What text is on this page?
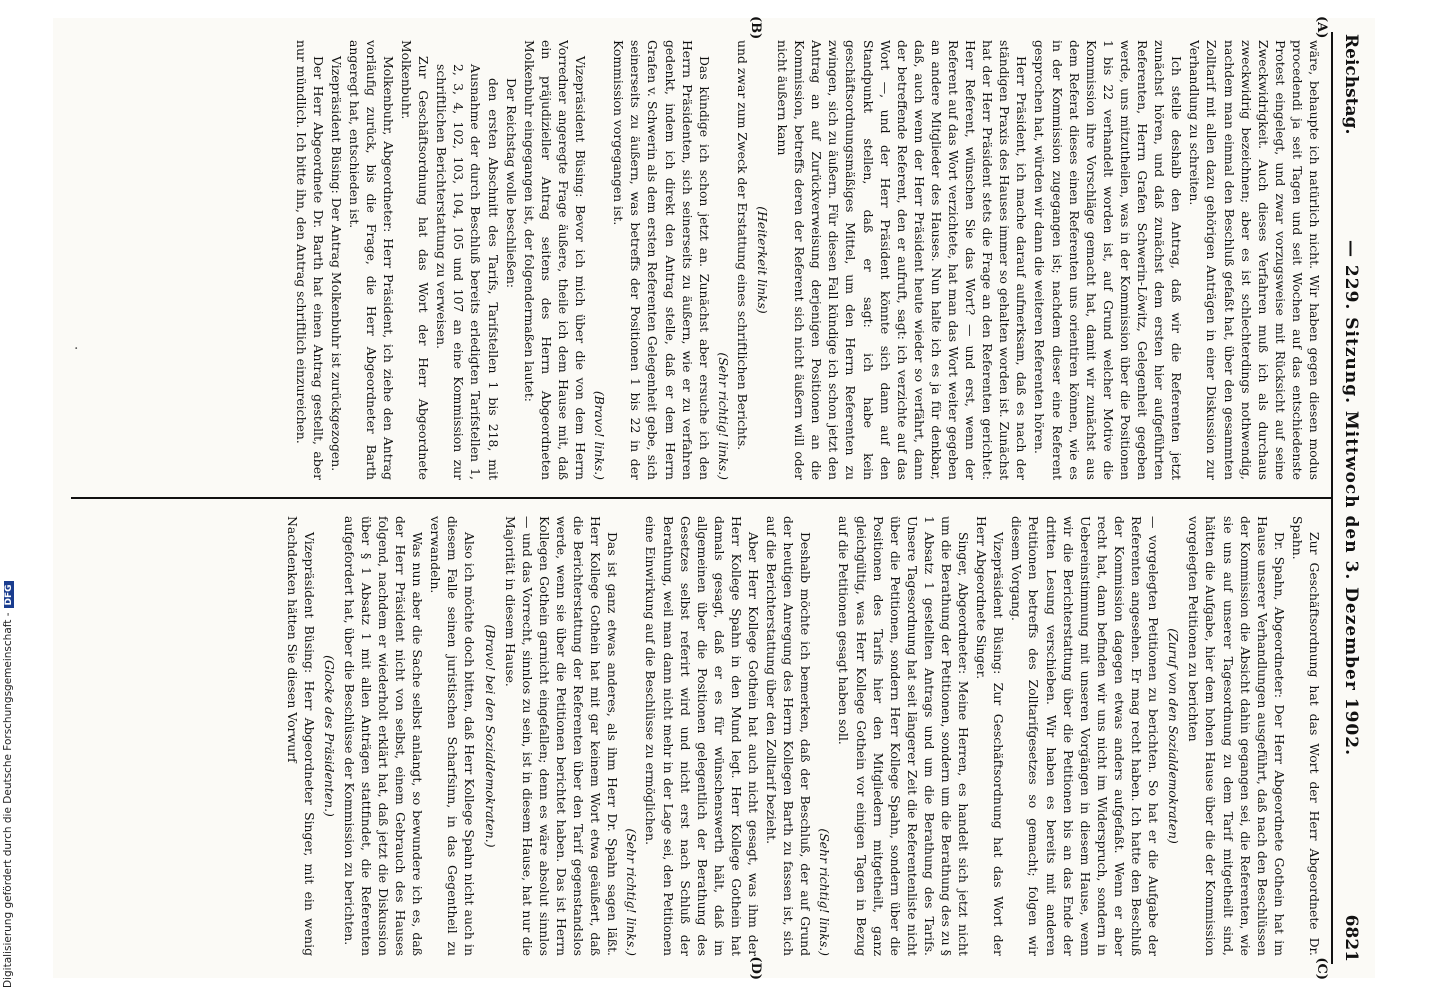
Reichstag.
— 229. Sitzung. Mittwoch den 3. Dezember 1902.
6821
(A)
(B)
(C)
(D)

wäre, behaupte ich natürlich nicht. Wir haben gegen diesen modus procedendi ja seit Tagen und seit Wochen auf das entschiedenste Protest eingelegt, und zwar vorzugsweise mit Rücksicht auf seine Zweckwidrigkeit. Auch dieses Verfahren muß ich als durchaus zweckwidrig bezeichnen; aber es ist schlechterdings nothwendig, nachdem man einmal den Beschluß gefaßt hat, über den gesammten Zolltarif mit allen dazu gehörigen Anträgen in einer Diskussion zur Verhandlung zu schreiten.

Ich stelle deshalb den Antrag, daß wir die Referenten jetzt zunächst hören, und daß zunächst dem ersten hier aufgeführten Referenten, Herrn Grafen Schwerin-Löwitz, Gelegenheit gegeben werde, uns mitzutheilen, was in der Kommission über die Positionen 1 bis 22 verhandelt worden ist, auf Grund welcher Motive die Kommission ihre Vorschläge gemacht hat, damit wir zunächst aus dem Referat dieses einen Referenten uns orientiren können, wie es in der Kommission zugegangen ist; nachdem dieser eine Referent gesprochen hat, würden wir dann die weiteren Referenten hören.

Herr Präsident, ich mache darauf aufmerksam, daß es nach der ständigen Praxis des Hauses immer so gehalten worden ist. Zunächst hat der Herr Präsident stets die Frage an den Referenten gerichtet: Herr Referent, wünschen Sie das Wort? — und erst, wenn der Referent auf das Wort verzichtete, hat man das Wort weiter gegeben an andere Mitglieder des Hauses. Nun halte ich es ja für denkbar, daß, auch wenn der Herr Präsident heute wieder so verfährt, dann der betreffende Referent, den er aufruft, sagt: ich verzichte auf das Wort —, und der Herr Präsident könnte sich dann auf den Standpunkt stellen, daß er sagt: ich habe kein geschäftsordnungsmäßiges Mittel, um den Herrn Referenten zu zwingen, sich zu äußern. Für diesen Fall kündige ich schon jetzt den Antrag an auf Zurückverweisung derjenigen Positionen an die Kommission, betreffs deren der Referent sich nicht äußern will oder nicht äußern kann

(Heiterkeit links)

und zwar zum Zweck der Erstattung eines schriftlichen Berichts.

(Sehr richtig! links.)

Das kündige ich schon jetzt an. Zunächst aber ersuche ich den Herrn Präsidenten, sich seinerseits zu äußern, wie er zu verfahren gedenkt, indem ich direkt den Antrag stelle, daß er dem Herrn Grafen v. Schwerin als dem ersten Referenten Gelegenheit gebe, sich seinerseits zu äußern, was betreffs der Positionen 1 bis 22 in der Kommission vorgegangen ist.

(Bravo! links.)

Vizepräsident Büsing: Bevor ich mich über die von dem Herrn Vorredner angeregte Frage äußere, theile ich dem Hause mit, daß ein präjudizieller Antrag seitens des Herrn Abgeordneten Molkenbuhr eingegangen ist, der folgendermaßen lautet:

Der Reichstag wolle beschließen:

den ersten Abschnitt des Tarifs, Tarifstellen 1 bis 218, mit Ausnahme der durch Beschluß bereits erledigten Tarifstellen 1, 2, 3, 4, 102, 103, 104, 105 und 107 an eine Kommission zur schriftlichen Berichterstattung zu verweisen.

Zur Geschäftsordnung hat das Wort der Herr Abgeordnete Molkenbuhr.

Molkenbuhr, Abgeordneter: Herr Präsident, ich ziehe den Antrag vorläufig zurück, bis die Frage, die Herr Abgeordneter Barth angeregt hat, entschieden ist.

Vizepräsident Büsing: Der Antrag Molkenbuhr ist zurückgezogen.

Der Herr Abgeordnete Dr. Barth hat einen Antrag gestellt, aber nur mündlich. Ich bitte ihn, den Antrag schriftlich einzureichen.

Zur Geschäftsordnung hat das Wort der Herr Abgeordnete Dr. Spahn.

Dr. Spahn, Abgeordneter: Der Herr Abgeordnete Gothein hat im Hause unserer Verhandlungen ausgeführt, daß nach den Beschlüssen der Kommission die Absicht dahin gegangen sei, die Referenten, wie sie uns auf unserer Tagesordnung zu dem Tarif mitgetheilt sind, hätten die Aufgabe, hier dem hohen Hause über die der Kommission vorgelegten Petitionen zu berichten

(Zuruf von den Sozialdemokraten)

— vorgelegten Petitionen zu berichten. So hat er die Aufgabe der Referenten angesehen. Er mag recht haben. Ich hatte den Beschluß der Kommission dagegen etwas anders aufgefaßt. Wenn er aber recht hat, dann befinden wir uns nicht im Widerspruch, sondern in Uebereinstimmung mit unseren Vorgängen in diesem Hause, wenn wir die Berichterstattung über die Petitionen bis an das Ende der dritten Lesung verschieben. Wir haben es bereits mit anderen Petitionen betreffs des Zolltarifgesetzes so gemacht; folgen wir diesem Vorgang.

Vizepräsident Büsing: Zur Geschäftsordnung hat das Wort der Herr Abgeordnete Singer.

Singer, Abgeordneter: Meine Herren, es handelt sich jetzt nicht um die Berathung der Petitionen, sondern um die Berathung des zu § 1 Absatz 1 gestellten Antrags und um die Berathung des Tarifs. Unsere Tagesordnung hat seit längerer Zeit die Referentenliste nicht über die Petitionen, sondern Herr Kollege Spahn, sondern über die Positionen des Tarifs hier den Mitgliedern mitgetheilt, ganz gleichgültig, was Herr Kollege Gothein vor einigen Tagen in Bezug auf die Petitionen gesagt haben soll.

(Sehr richtig! links.)

Deshalb möchte ich bemerken, daß der Beschluß, der auf Grund der heutigen Anregung des Herrn Kollegen Barth zu fassen ist, sich auf die Berichterstattung über den Zolltarif bezieht.

Aber Herr Kollege Gothein hat auch nicht gesagt, was ihm der Herr Kollege Spahn in den Mund legt. Herr Kollege Gothein hat damals gesagt, daß er es für wünschenswerth hält, daß im allgemeinen über die Positionen gelegentlich der Berathung des Gesetzes selbst referirt wird und nicht erst nach Schluß der Berathung, weil man dann nicht mehr in der Lage sei, den Petitionen eine Einwirkung auf die Beschlüsse zu ermöglichen.

(Sehr richtig! links.)

Das ist ganz etwas anderes, als ihm Herr Dr. Spahn sagen läßt. Herr Kollege Gothein hat mit gar keinem Wort etwa geäußert, daß die Berichterstattung der Referenten über den Tarif gegenstandslos werde, wenn sie über die Petitionen berichtet haben. Das ist Herrn Kollegen Gothein garnicht eingefallen; denn es wäre absolut sinnlos — und das Vorrecht, sinnlos zu sein, ist in diesem Hause, hat nur die Majorität in diesem Hause.

(Bravo! bei den Sozialdemokraten.)

Also ich möchte doch bitten, daß Herr Kollege Spahn nicht auch in diesem Falle seinen juristischen Scharfsinn, in das Gegentheil zu verwandeln.

Was nun aber die Sache selbst anlangt, so bewundere ich es, daß der Herr Präsident nicht von selbst, einem Gebrauch des Hauses folgend, nachdem er wiederholt erklärt hat, daß jetzt die Diskussion über § 1 Absatz 1 mit allen Anträgen stattfindet, die Referenten aufgefordert hat, über die Beschlüsse der Kommission zu berichten.

(Glocke des Präsidenten.)

Vizepräsident Büsing: Herr Abgeordneter Singer, mit ein wenig Nachdenken hätten Sie diesen Vorwurf

·
Digitalisierung gefördert durch die Deutsche Forschungsgemeinschaft -DFG
